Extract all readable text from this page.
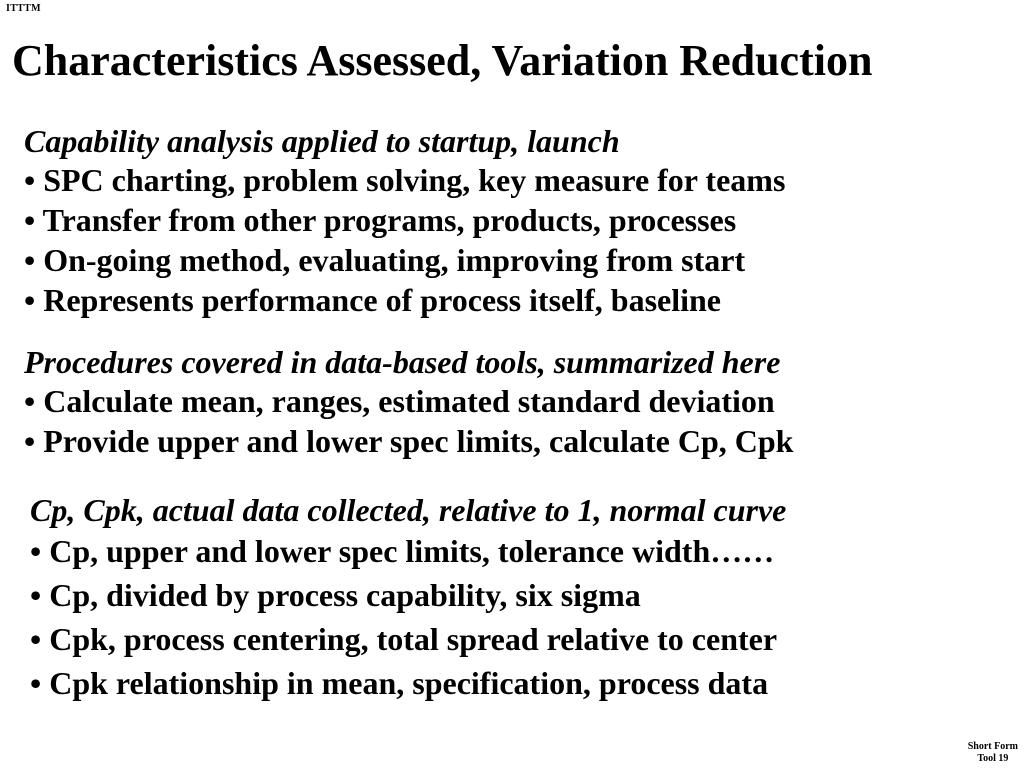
ITTTM
Characteristics Assessed, Variation Reduction
Capability analysis applied to startup, launch
• SPC charting, problem solving, key measure for teams
• Transfer from other programs, products, processes
• On-going method, evaluating, improving from start
• Represents performance of process itself, baseline
Procedures covered in data-based tools, summarized here
• Calculate mean, ranges, estimated standard deviation
• Provide upper and lower spec limits, calculate Cp, Cpk
Cp, Cpk, actual data collected, relative to 1, normal curve
• Cp, upper and lower spec limits, tolerance width……
• Cp, divided by process capability, six sigma
• Cpk, process centering, total spread relative to center
• Cpk relationship in mean, specification, process data
Short Form
Tool 19
